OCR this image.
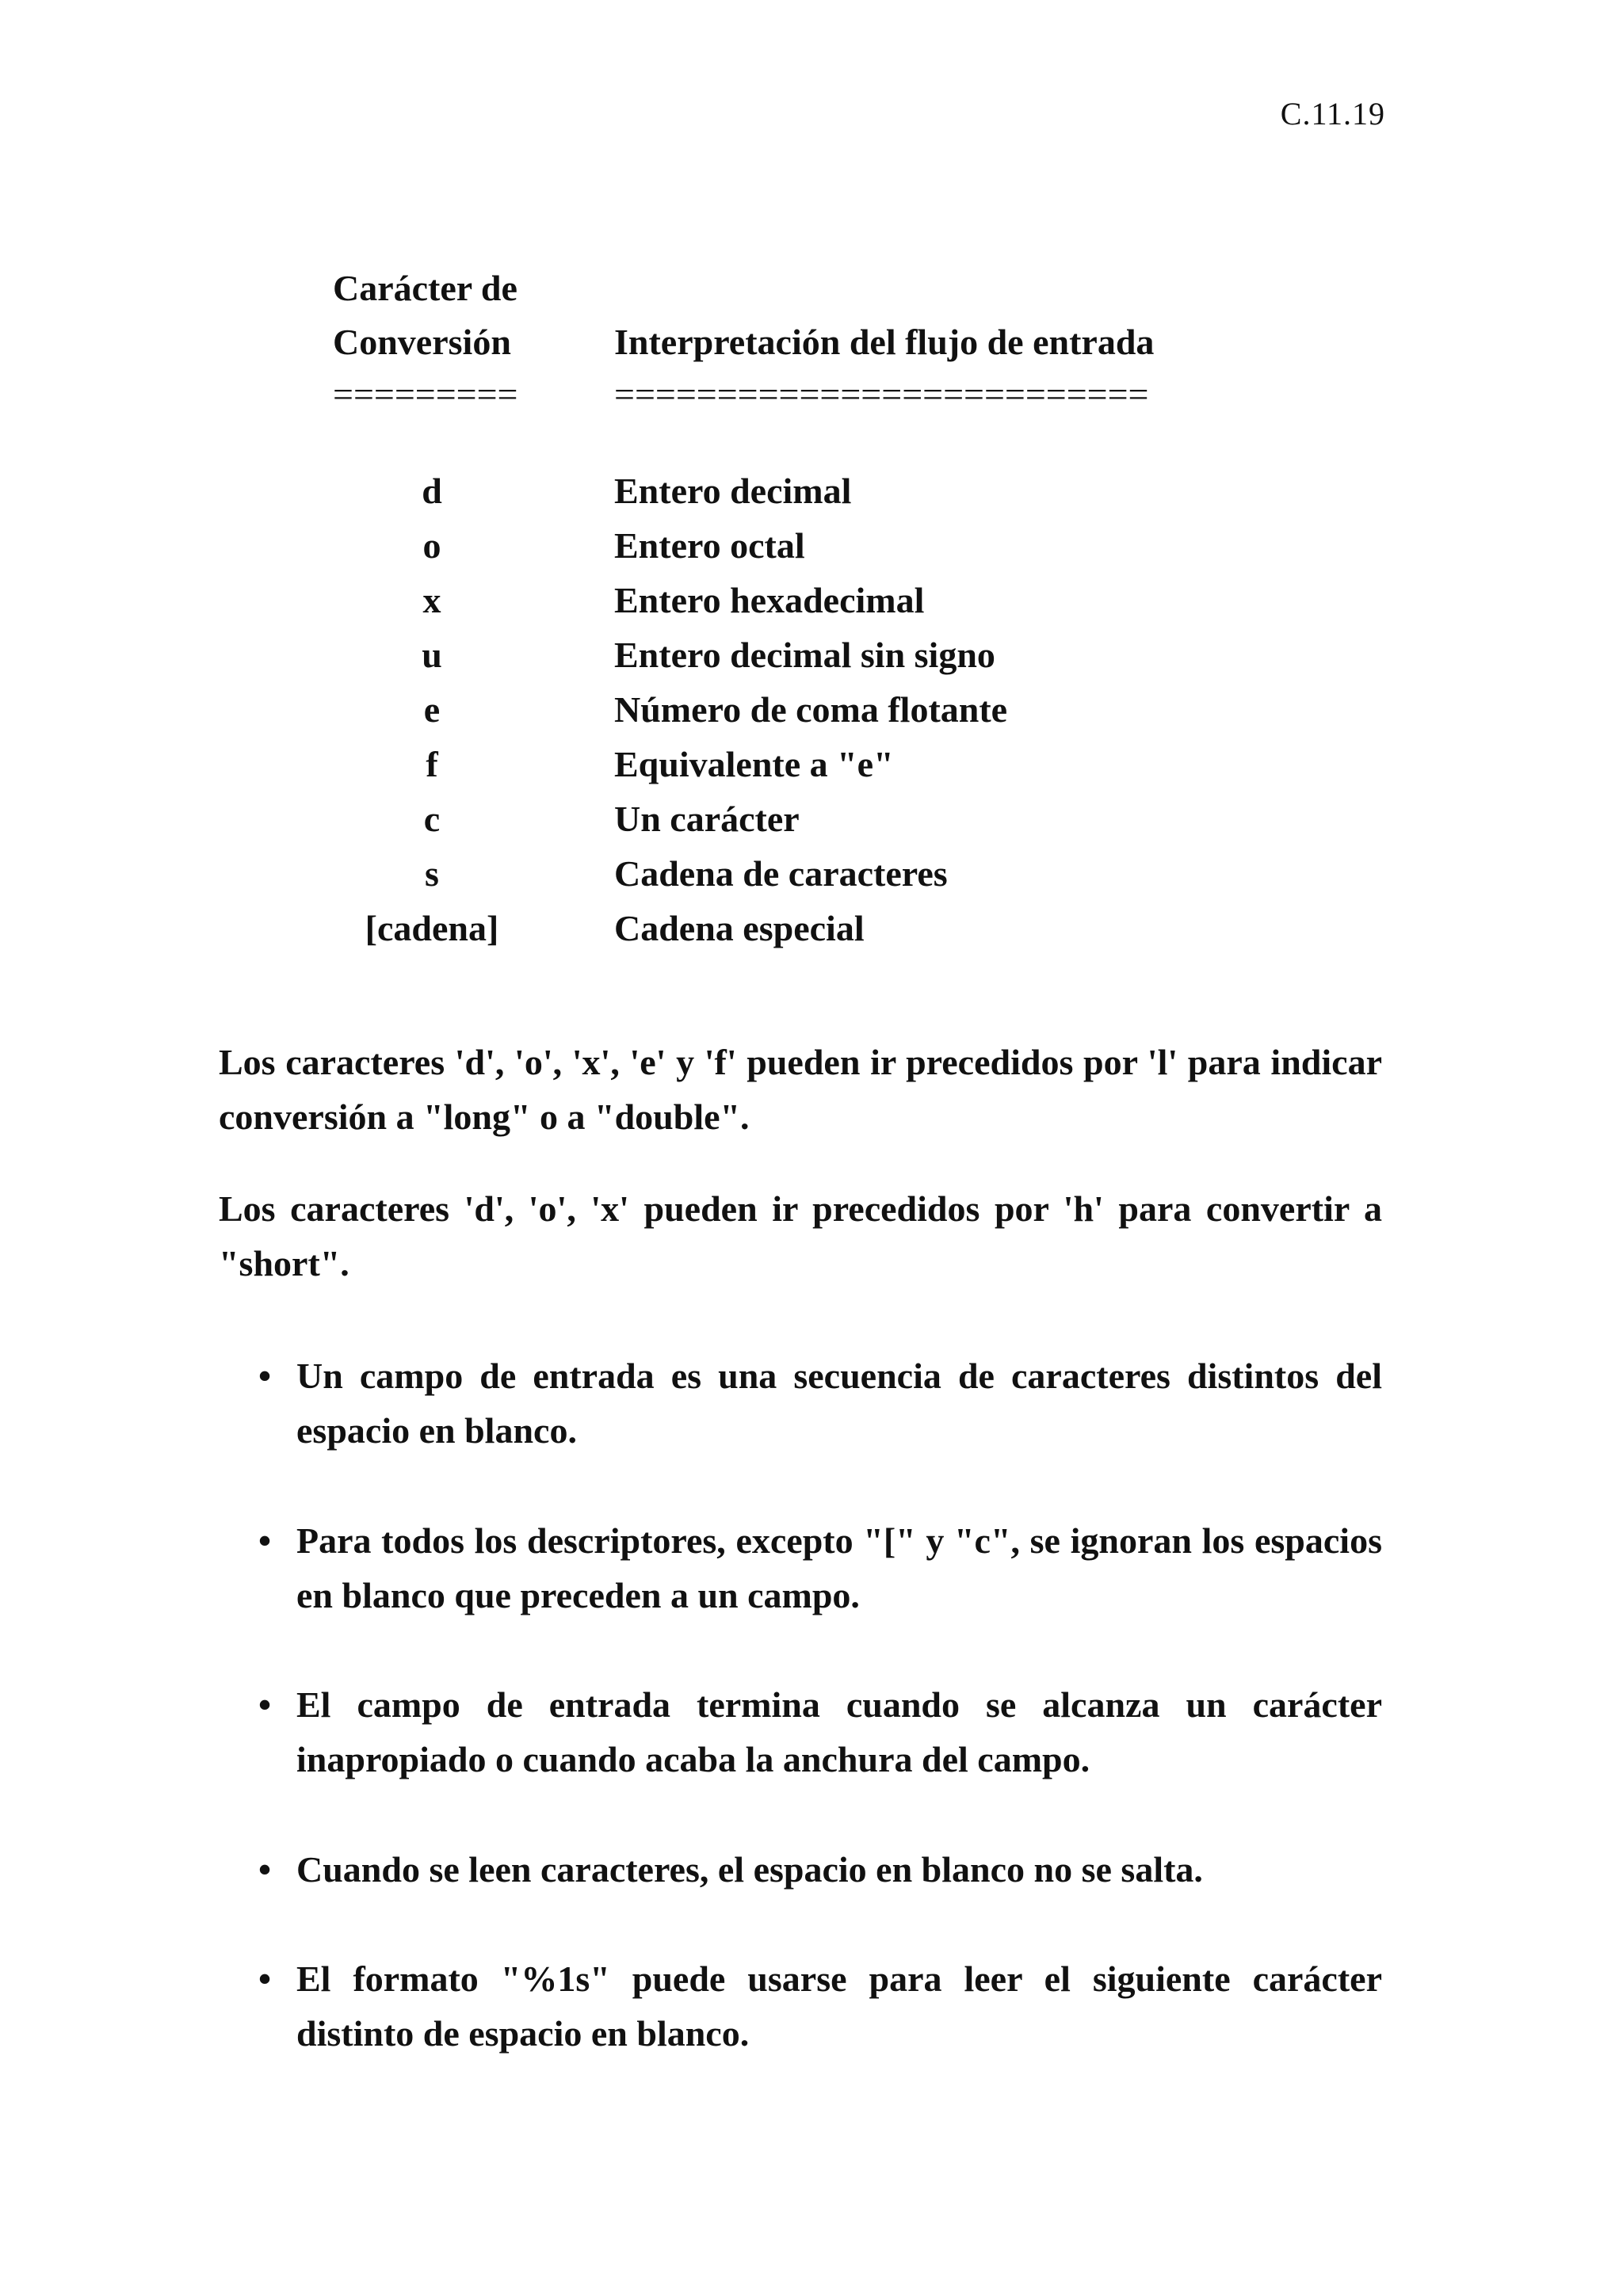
C.11.19
Carácter de
Conversión	Interpretación del flujo de entrada
=========	==========================
d	Entero decimal
o	Entero octal
x	Entero hexadecimal
u	Entero decimal sin signo
e	Número de coma flotante
f	Equivalente a "e"
c	Un carácter
s	Cadena de caracteres
[cadena]	Cadena especial
Los caracteres 'd', 'o', 'x', 'e' y 'f' pueden ir precedidos por 'l' para indicar conversión a "long" o a "double".
Los caracteres 'd', 'o', 'x' pueden ir precedidos por 'h' para convertir a "short".
• Un campo de entrada es una secuencia de caracteres distintos del espacio en blanco.
• Para todos los descriptores, excepto "[" y "c", se ignoran los espacios en blanco que preceden a un campo.
• El campo de entrada termina cuando se alcanza un carácter inapropiado o cuando acaba la anchura del campo.
• Cuando se leen caracteres, el espacio en blanco no se salta.
• El formato "%1s" puede usarse para leer el siguiente carácter distinto de espacio en blanco.
